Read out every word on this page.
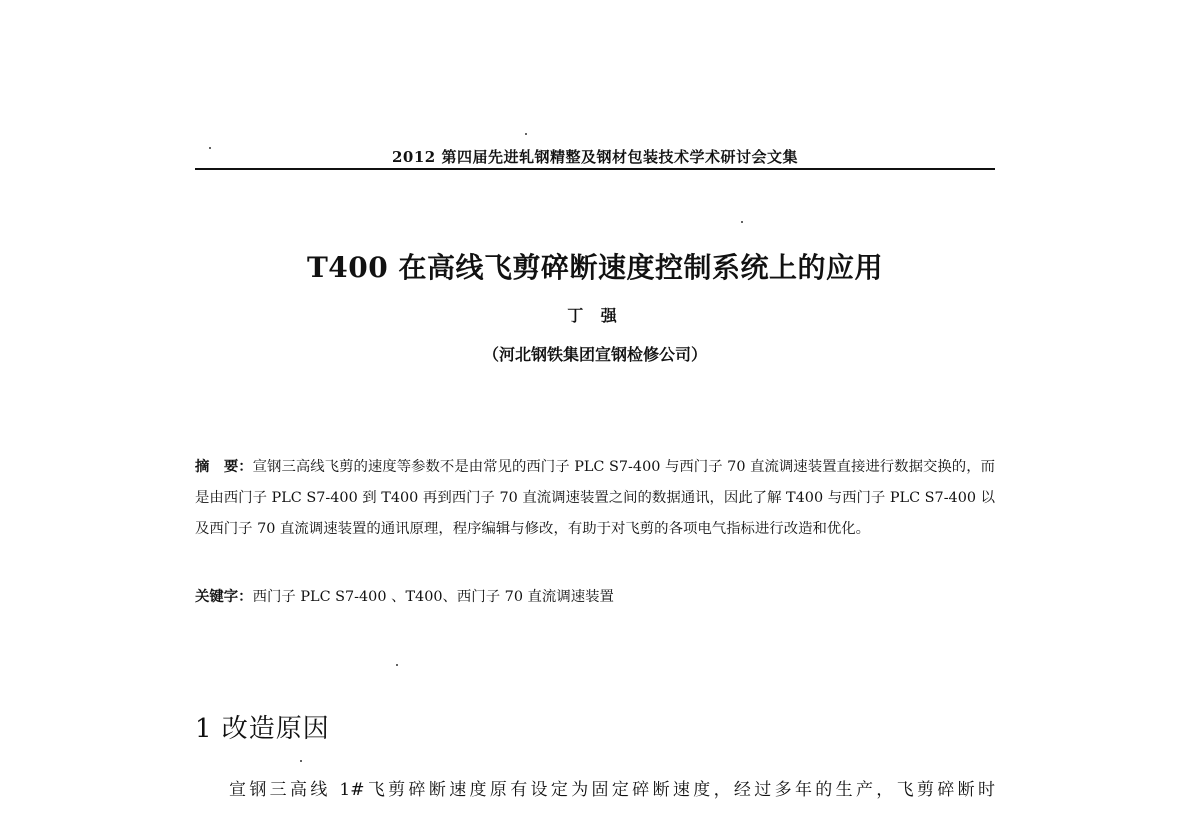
2012 第四届先进轧钢精整及钢材包装技术学术研讨会文集
T400 在高线飞剪碎断速度控制系统上的应用
丁 强
（河北钢铁集团宣钢检修公司）
摘　要：宣钢三高线飞剪的速度等参数不是由常见的西门子 PLC S7-400 与西门子 70 直流调速装置直接进行数据交换的，而是由西门子 PLC S7-400 到 T400 再到西门子 70 直流调速装置之间的数据通讯，因此了解 T400 与西门子 PLC S7-400 以及西门子 70 直流调速装置的通讯原理，程序编辑与修改，有助于对飞剪的各项电气指标进行改造和优化。
关键字：西门子 PLC S7-400 、T400、西门子 70 直流调速装置
1 改造原因
宣钢三高线 1#飞剪碎断速度原有设定为固定碎断速度，经过多年的生产，飞剪碎断时
